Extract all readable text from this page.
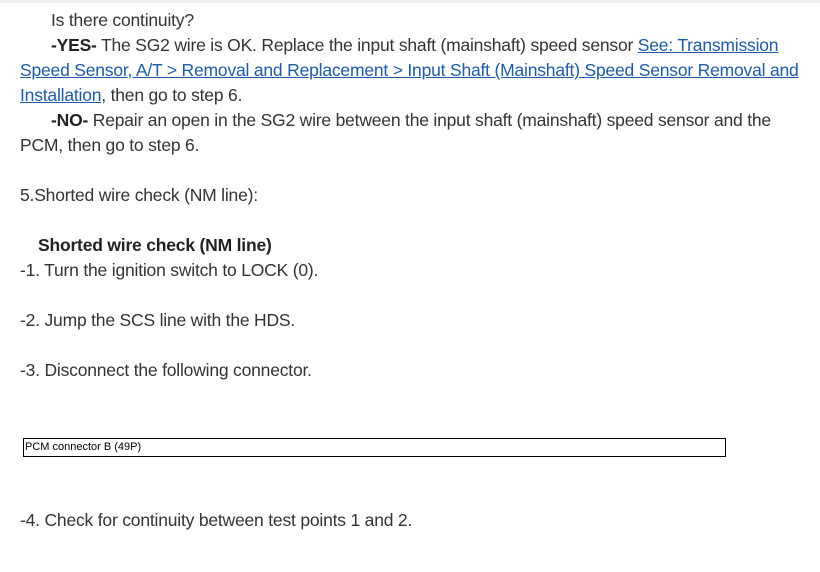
Is there continuity?

-YES- The SG2 wire is OK. Replace the input shaft (mainshaft) speed sensor See: Transmission Speed Sensor, A/T > Removal and Replacement > Input Shaft (Mainshaft) Speed Sensor Removal and Installation, then go to step 6.

-NO- Repair an open in the SG2 wire between the input shaft (mainshaft) speed sensor and the PCM, then go to step 6.

5.Shorted wire check (NM line):

Shorted wire check (NM line)

-1. Turn the ignition switch to LOCK (0).

-2. Jump the SCS line with the HDS.

-3. Disconnect the following connector.

PCM connector B (49P)

-4. Check for continuity between test points 1 and 2.
